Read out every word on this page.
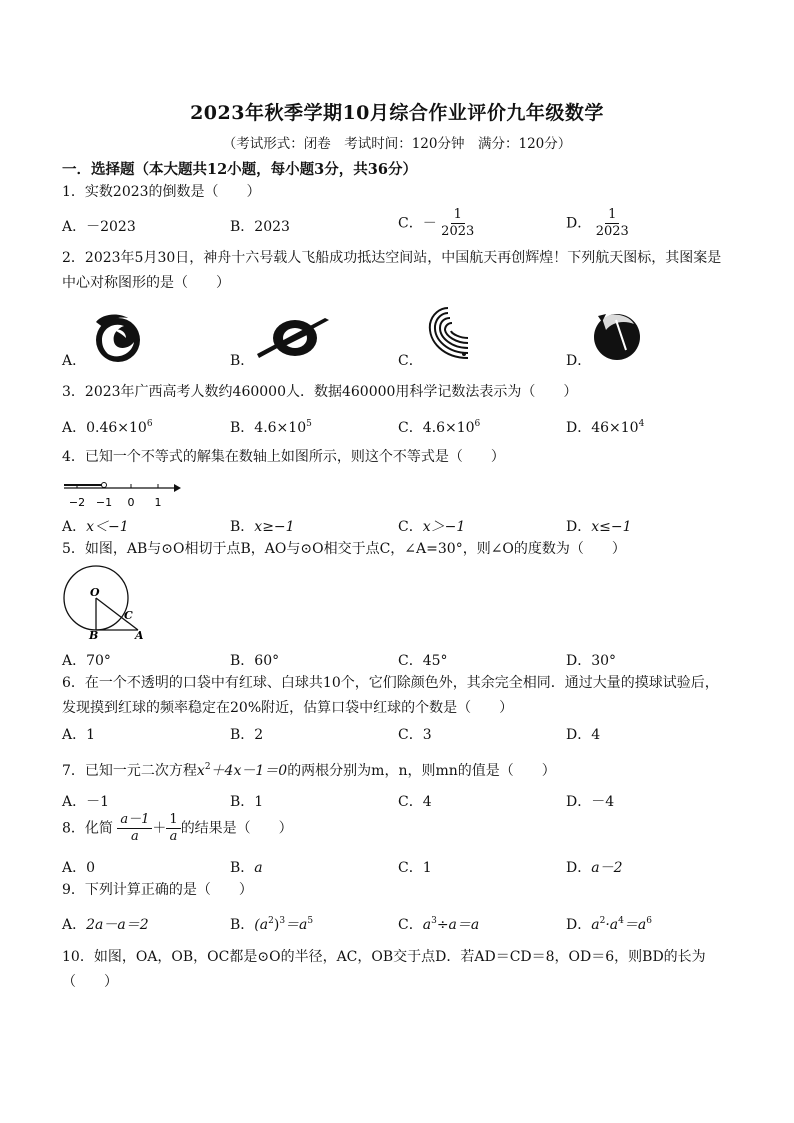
2023年秋季学期10月综合作业评价九年级数学
（考试形式：闭卷　考试时间：120分钟　满分：120分）
一．选择题（本大题共12小题，每小题3分，共36分）
1．实数2023的倒数是（　　）
A．－2023	B．2023	C．－ $\frac{1}{2023}$	D． $\frac{1}{2023}$
2．2023年5月30日，神舟十六号载人飞船成功抵达空间站，中国航天再创辉煌！下列航天图标，其图案是
中心对称图形的是（　　）
A．	B．	C．	D．
3．2023年广西高考人数约460000人．数据460000用科学记数法表示为（　　）
A．$0.46\times 10^6$	B．$4.6\times 10^5$	C．$4.6\times 10^6$	D．$46\times 10^4$
4．已知一个不等式的解集在数轴上如图所示，则这个不等式是（　　）
−2 −1 0 1
A．x＜−1	B．x≥−1	C．x＞−1	D．x≤−1
5．如图，AB与⊙O相切于点B，AO与⊙O相交于点C，∠A=30°，则∠O的度数为（　　）
O
B
C
A
A．70°	B．60°	C．45°	D．30°
6．在一个不透明的口袋中有红球、白球共10个，它们除颜色外，其余完全相同．通过大量的摸球试验后，
发现摸到红球的频率稳定在20%附近，估算口袋中红球的个数是（　　）
A．1	B．2	C．3	D．4
7．已知一元二次方程$x^2+4x-1=0$的两根分别为m，n，则mn的值是（　　）
A．－1	B．1	C．4	D．－4
8．化简 $\frac{a-1}{a} + \frac{1}{a}$ 的结果是（　　）
A．0	B．a	C．1	D．a－2
9．下列计算正确的是（　　）
A．2a－a＝2	B．$(a^2)^3=a^5$	C．$a^3\div a=a$	D．$a^2\cdot a^4=a^6$
10．如图，OA，OB，OC都是⊙O的半径，AC，OB交于点D．若AD＝CD＝8，OD＝6，则BD的长为
（　　）
